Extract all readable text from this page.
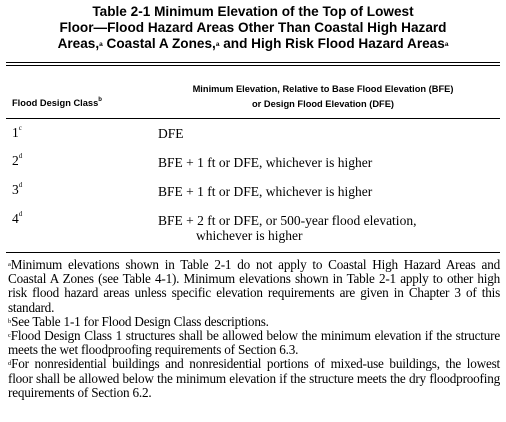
Table 2-1 Minimum Elevation of the Top of Lowest
Floor—Flood Hazard Areas Other Than Coastal High Hazard
Areas,$^a$ Coastal A Zones,$^a$ and High Risk Flood Hazard Areas$^a$
Minimum Elevation, Relative to Base Flood Elevation (BFE)
or Design Flood Elevation (DFE)
Flood Design Class$^b$
1$^c$	DFE
2$^d$	BFE + 1 ft or DFE, whichever is higher
3$^d$	BFE + 1 ft or DFE, whichever is higher
4$^d$	BFE + 2 ft or DFE, or 500-year flood elevation,
whichever is higher
$^a$Minimum elevations shown in Table 2-1 do not apply to Coastal High Hazard Areas and Coastal A Zones (see Table 4-1). Minimum elevations shown in Table 2-1 apply to other high risk flood hazard areas unless specific elevation requirements are given in Chapter 3 of this standard.
$^b$See Table 1-1 for Flood Design Class descriptions.
$^c$Flood Design Class 1 structures shall be allowed below the minimum elevation if the structure meets the wet floodproofing requirements of Section 6.3.
$^d$For nonresidential buildings and nonresidential portions of mixed-use buildings, the lowest floor shall be allowed below the minimum elevation if the structure meets the dry floodproofing requirements of Section 6.2.
